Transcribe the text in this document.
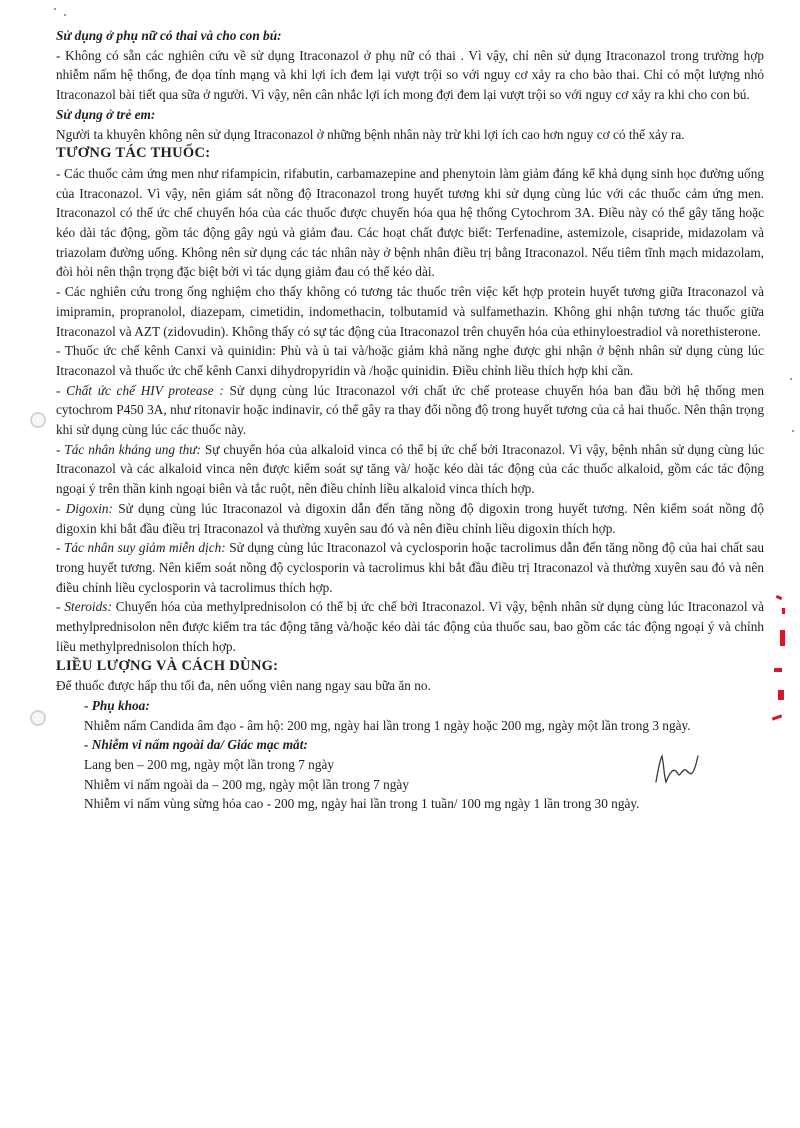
Sử dụng ở phụ nữ có thai và cho con bú:

- Không có sẵn các nghiên cứu về sử dụng Itraconazol ở phụ nữ có thai . Vì vậy, chỉ nên sử dụng Itraconazol trong trường hợp nhiễm nấm hệ thống, đe dọa tính mạng và khi lợi ích đem lại vượt trội so với nguy cơ xảy ra cho bào thai. Chỉ có một lượng nhỏ Itraconazol bài tiết qua sữa ở người. Vì vậy, nên cân nhắc lợi ích mong đợi đem lại vượt trội so với nguy cơ xảy ra khi cho con bú.

Sử dụng ở trẻ em:

Người ta khuyên không nên sử dụng Itraconazol ở những bệnh nhân này trừ khi lợi ích cao hơn nguy cơ có thể xảy ra.

TƯƠNG TÁC THUỐC:

- Các thuốc cảm ứng men như rifampicin, rifabutin, carbamazepine and phenytoin làm giảm đáng kể khả dụng sinh học đường uống của Itraconazol. Vì vậy, nên giám sát nồng độ Itraconazol trong huyết tương khi sử dụng cùng lúc với các thuốc cảm ứng men. Itraconazol có thể ức chế chuyển hóa của các thuốc được chuyển hóa qua hệ thống Cytochrom 3A. Điều này có thể gây tăng hoặc kéo dài tác động, gồm tác động gây ngủ và giảm đau. Các hoạt chất được biết: Terfenadine, astemizole, cisapride, midazolam và triazolam đường uống. Không nên sử dụng các tác nhân này ở bệnh nhân điều trị bằng Itraconazol. Nếu tiêm tĩnh mạch midazolam, đòi hỏi nên thận trọng đặc biệt bởi vì tác dụng giảm đau có thể kéo dài.

- Các nghiên cứu trong ống nghiệm cho thấy không có tương tác thuốc trên việc kết hợp protein huyết tương giữa Itraconazol và imipramin, propranolol, diazepam, cimetidin, indomethacin, tolbutamid và sulfamethazin. Không ghi nhận tương tác thuốc giữa Itraconazol và AZT (zidovudin). Không thấy có sự tác động của Itraconazol trên chuyển hóa của ethinyloestradiol và norethisterone.

- Thuốc ức chế kênh Canxi và quinidin: Phù và ù tai và/hoặc giảm khả năng nghe được ghi nhận ở bệnh nhân sử dụng cùng lúc Itraconazol và thuốc ức chế kênh Canxi dihydropyridin và /hoặc quinidin. Điều chỉnh liều thích hợp khi cần.

- Chất ức chế HIV protease : Sử dụng cùng lúc Itraconazol với chất ức chế protease chuyển hóa ban đầu bởi hệ thống men cytochrom P450 3A, như ritonavir hoặc indinavir, có thể gây ra thay đổi nồng độ trong huyết tương của cả hai thuốc. Nên thận trọng khi sử dụng cùng lúc các thuốc này.

- Tác nhân kháng ung thư: Sự chuyển hóa của alkaloid vinca có thể bị ức chế bởi Itraconazol. Vì vậy, bệnh nhân sử dụng cùng lúc Itraconazol và các alkaloid vinca nên được kiểm soát sự tăng và/ hoặc kéo dài tác động của các thuốc alkaloid, gồm các tác động ngoại ý trên thần kinh ngoại biên và tắc ruột, nên điều chỉnh liều alkaloid vinca thích hợp.

- Digoxin: Sử dụng cùng lúc Itraconazol và digoxin dẫn đến tăng nồng độ digoxin trong huyết tương. Nên kiểm soát nồng độ digoxin khi bắt đầu điều trị Itraconazol và thường xuyên sau đó và nên điều chỉnh liều digoxin thích hợp.

- Tác nhân suy giảm miễn dịch: Sử dụng cùng lúc Itraconazol và cyclosporin hoặc tacrolimus dẫn đến tăng nồng độ của hai chất sau trong huyết tương. Nên kiểm soát nồng độ cyclosporin và tacrolimus khi bắt đầu điều trị Itraconazol và thường xuyên sau đó và nên điều chỉnh liều cyclosporin và tacrolimus thích hợp.

- Steroids: Chuyển hóa của methylprednisolon có thể bị ức chế bởi Itraconazol. Vì vậy, bệnh nhân sử dụng cùng lúc Itraconazol và methylprednisolon nên được kiểm tra tác động tăng và/hoặc kéo dài tác động của thuốc sau, bao gồm các tác động ngoại ý và chỉnh liều methylprednisolon thích hợp.

LIỀU LƯỢNG VÀ CÁCH DÙNG:

Để thuốc được hấp thu tối đa, nên uống viên nang ngay sau bữa ăn no.

- Phụ khoa:

Nhiễm nấm Candida âm đạo - âm hộ: 200 mg, ngày hai lần trong 1 ngày hoặc 200 mg, ngày một lần trong 3 ngày.

- Nhiễm vi nấm ngoài da/ Giác mạc mắt:

Lang ben – 200 mg, ngày một lần trong 7 ngày

Nhiễm vi nấm ngoài da – 200 mg, ngày một lần trong 7 ngày

Nhiễm vi nấm vùng sừng hóa cao - 200 mg, ngày hai lần trong 1 tuần/ 100 mg ngày 1 lần trong 30 ngày.
